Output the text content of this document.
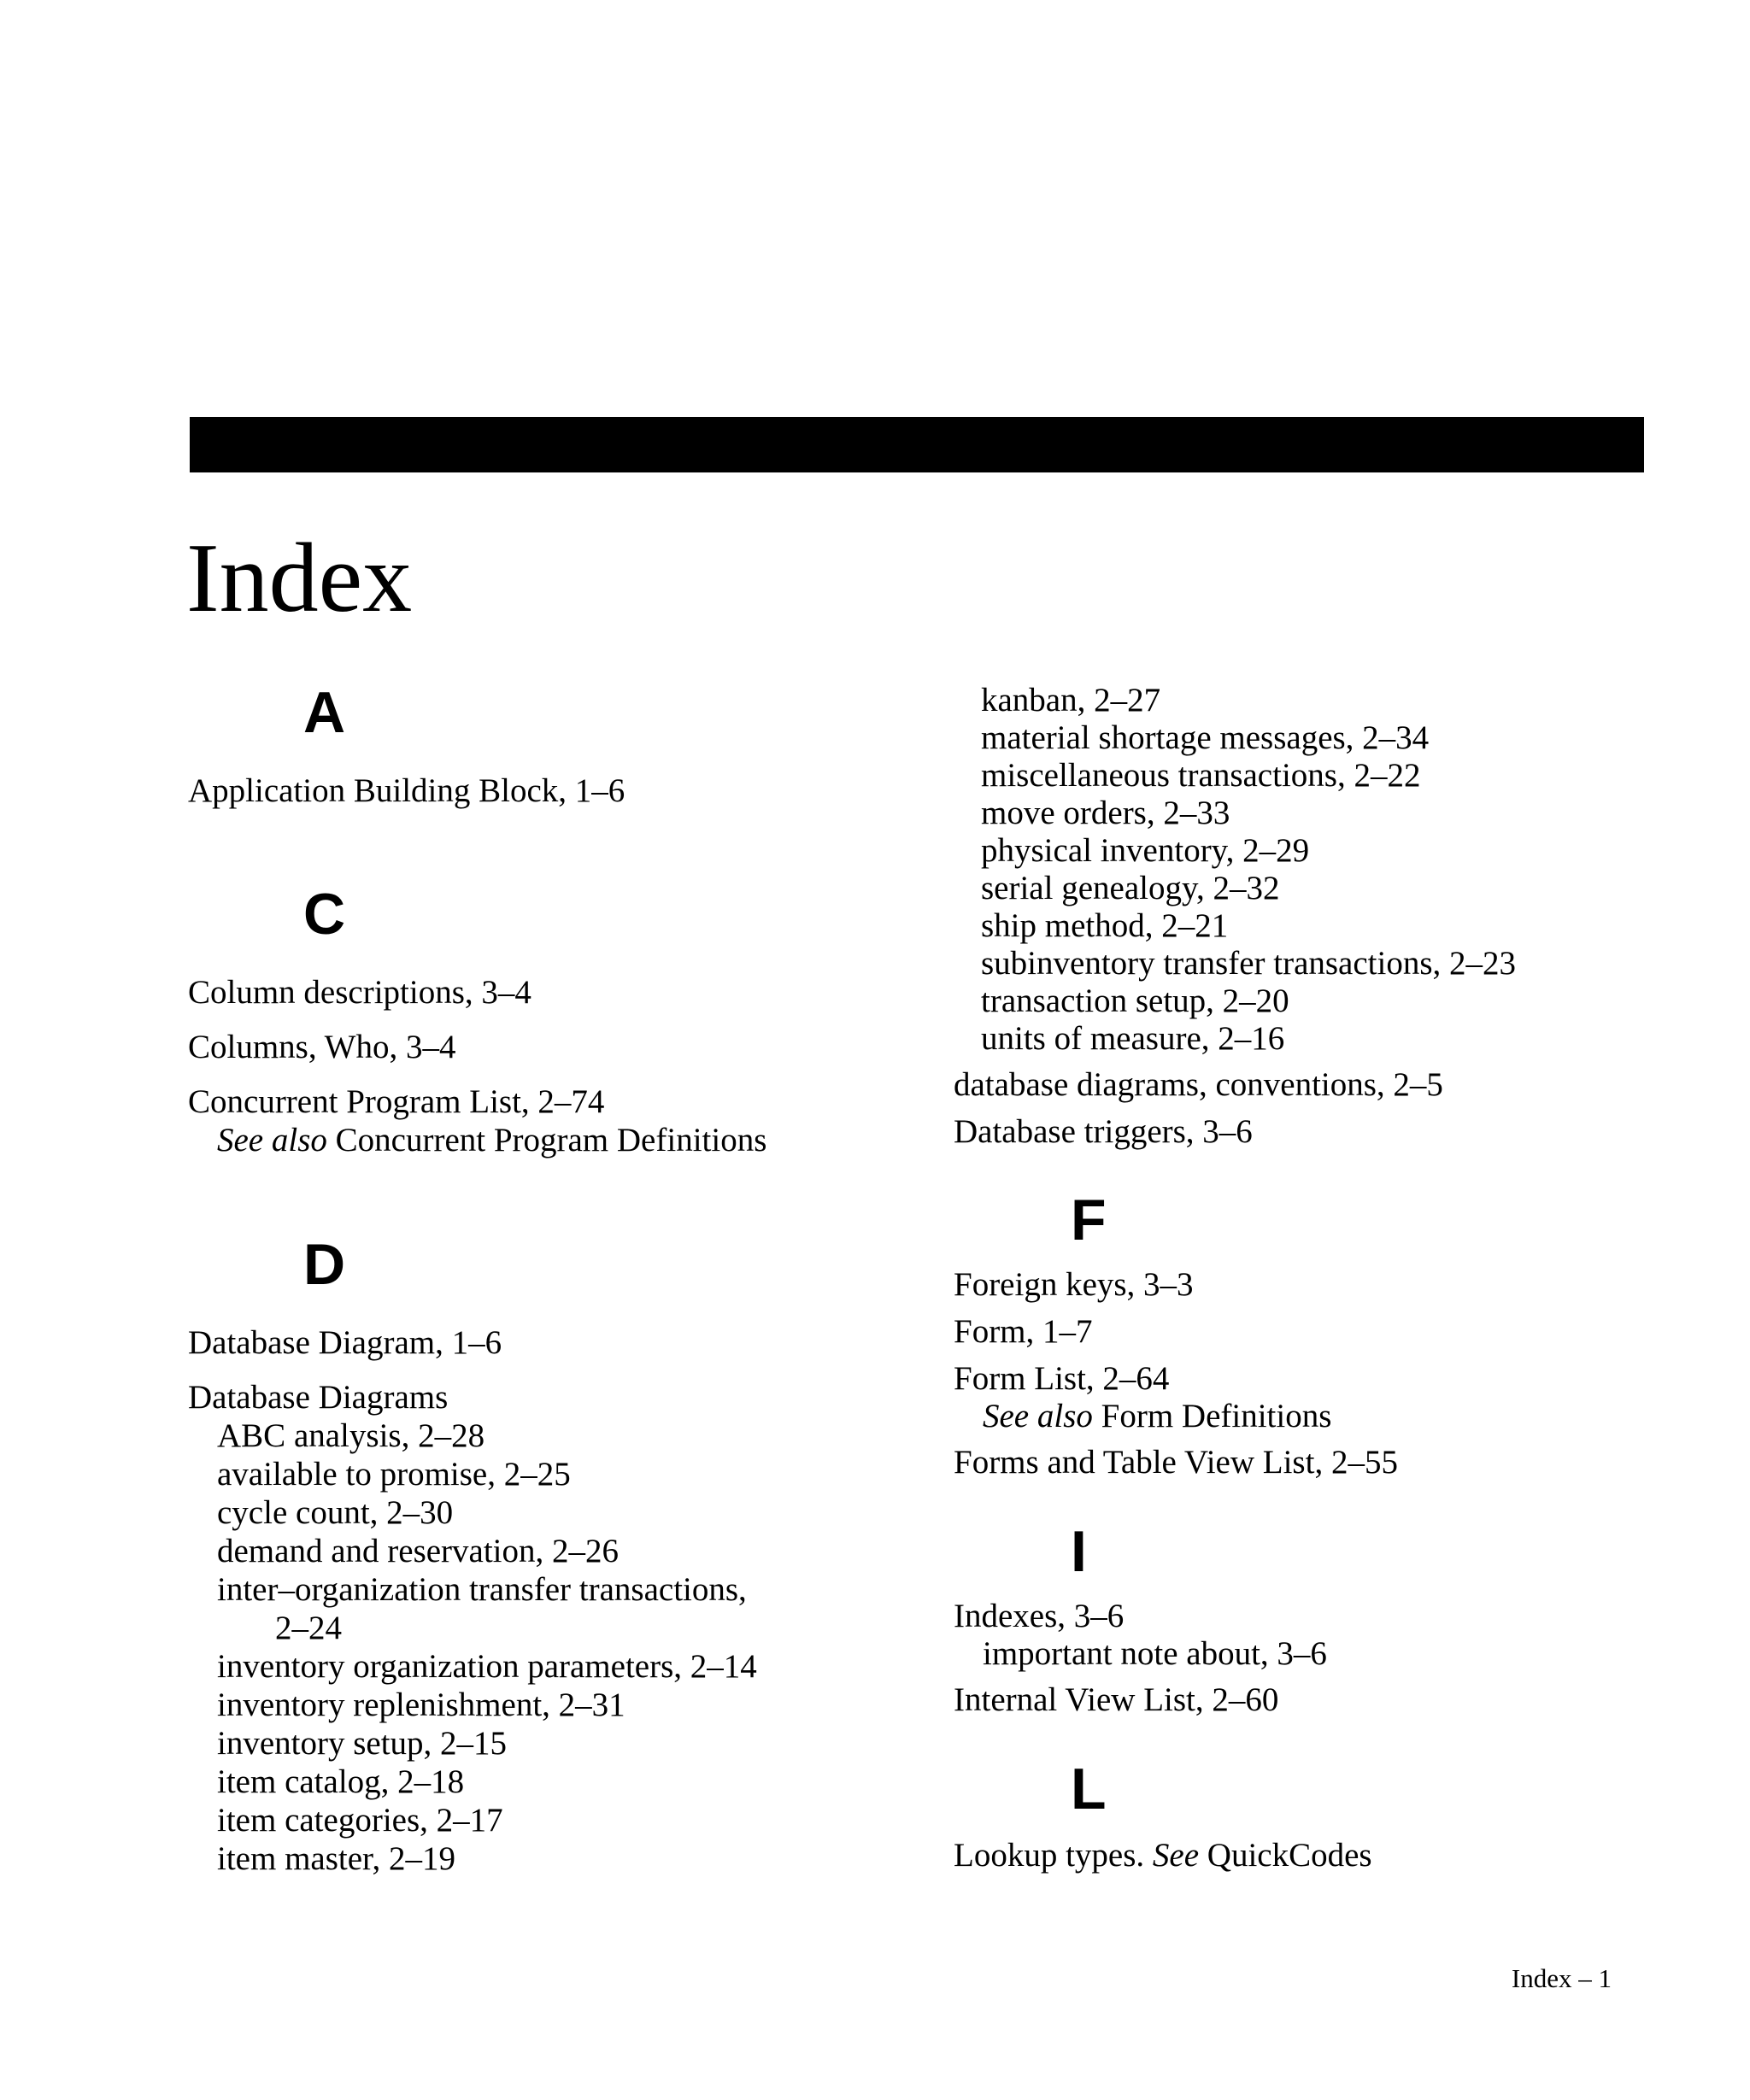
Index
A
Application Building Block, 1–6
C
Column descriptions, 3–4
Columns, Who, 3–4
Concurrent Program List, 2–74
See also Concurrent Program Definitions
D
Database Diagram, 1–6
Database Diagrams
ABC analysis, 2–28
available to promise, 2–25
cycle count, 2–30
demand and reservation, 2–26
inter–organization transfer transactions,
2–24
inventory organization parameters, 2–14
inventory replenishment, 2–31
inventory setup, 2–15
item catalog, 2–18
item categories, 2–17
item master, 2–19
kanban, 2–27
material shortage messages, 2–34
miscellaneous transactions, 2–22
move orders, 2–33
physical inventory, 2–29
serial genealogy, 2–32
ship method, 2–21
subinventory transfer transactions, 2–23
transaction setup, 2–20
units of measure, 2–16
database diagrams, conventions, 2–5
Database triggers, 3–6
F
Foreign keys, 3–3
Form, 1–7
Form List, 2–64
See also Form Definitions
Forms and Table View List, 2–55
I
Indexes, 3–6
important note about, 3–6
Internal View List, 2–60
L
Lookup types. See QuickCodes
Index – 1
